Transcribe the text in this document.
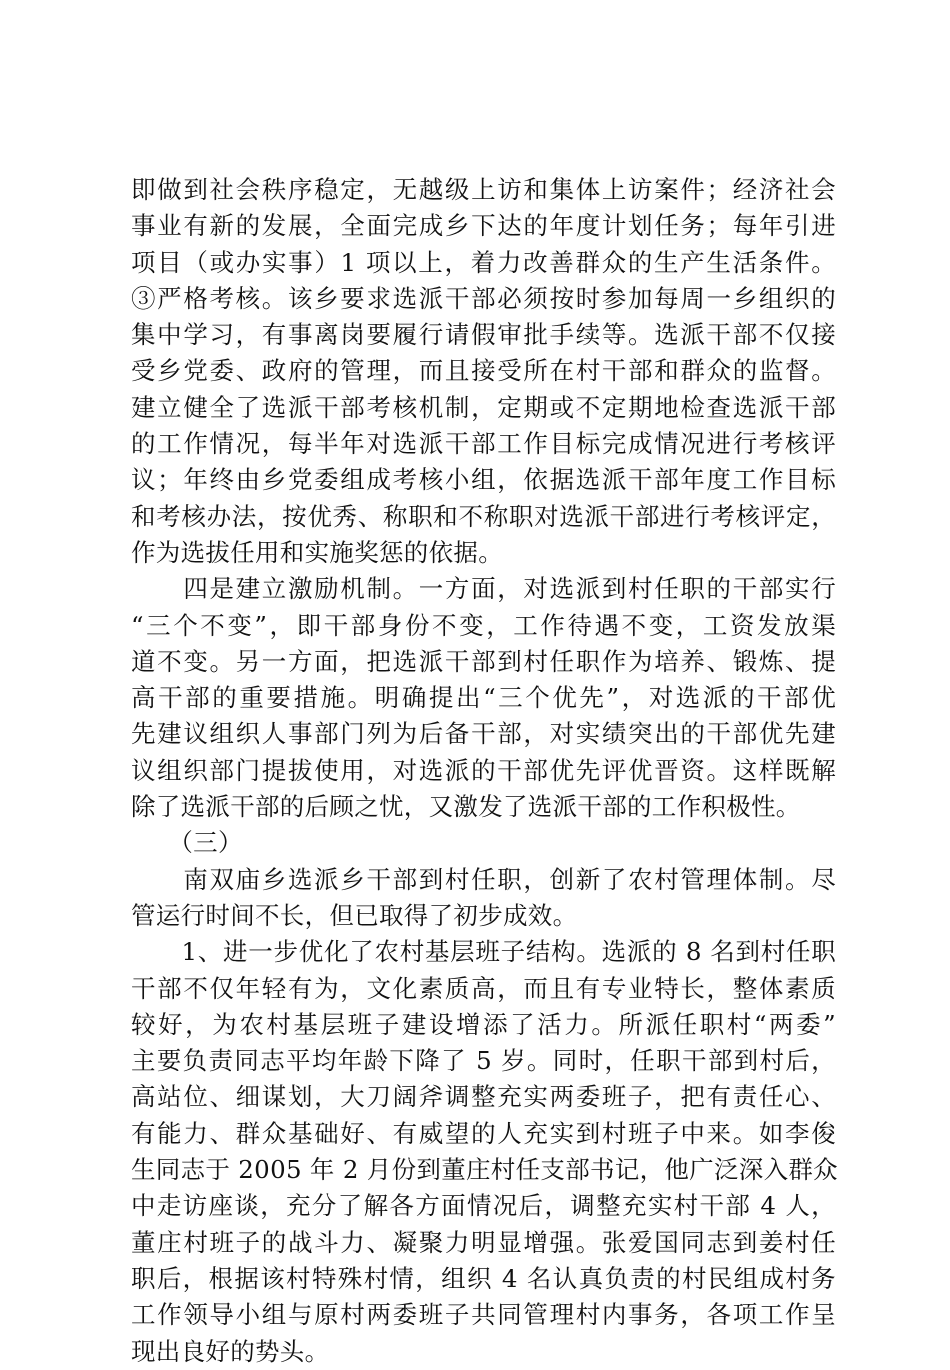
即做到社会秩序稳定，无越级上访和集体上访案件；经济社会
事业有新的发展，全面完成乡下达的年度计划任务；每年引进
项目（或办实事）1 项以上，着力改善群众的生产生活条件。
③严格考核。该乡要求选派干部必须按时参加每周一乡组织的
集中学习，有事离岗要履行请假审批手续等。选派干部不仅接
受乡党委、政府的管理，而且接受所在村干部和群众的监督。
建立健全了选派干部考核机制，定期或不定期地检查选派干部
的工作情况，每半年对选派干部工作目标完成情况进行考核评
议；年终由乡党委组成考核小组，依据选派干部年度工作目标
和考核办法，按优秀、称职和不称职对选派干部进行考核评定，
作为选拔任用和实施奖惩的依据。
　　四是建立激励机制。一方面，对选派到村任职的干部实行
“三个不变”，即干部身份不变，工作待遇不变，工资发放渠
道不变。另一方面，把选派干部到村任职作为培养、锻炼、提
高干部的重要措施。明确提出“三个优先”，对选派的干部优
先建议组织人事部门列为后备干部，对实绩突出的干部优先建
议组织部门提拔使用，对选派的干部优先评优晋资。这样既解
除了选派干部的后顾之忧，又激发了选派干部的工作积极性。
　　（三）
　　南双庙乡选派乡干部到村任职，创新了农村管理体制。尽
管运行时间不长，但已取得了初步成效。
　　1、进一步优化了农村基层班子结构。选派的 8 名到村任职
干部不仅年轻有为，文化素质高，而且有专业特长，整体素质
较好，为农村基层班子建设增添了活力。所派任职村“两委”
主要负责同志平均年龄下降了 5 岁。同时，任职干部到村后，
高站位、细谋划，大刀阔斧调整充实两委班子，把有责任心、
有能力、群众基础好、有威望的人充实到村班子中来。如李俊
生同志于 2005 年 2 月份到董庄村任支部书记，他广泛深入群众
中走访座谈，充分了解各方面情况后，调整充实村干部 4 人，
董庄村班子的战斗力、凝聚力明显增强。张爱国同志到姜村任
职后，根据该村特殊村情，组织 4 名认真负责的村民组成村务
工作领导小组与原村两委班子共同管理村内事务，各项工作呈
现出良好的势头。
